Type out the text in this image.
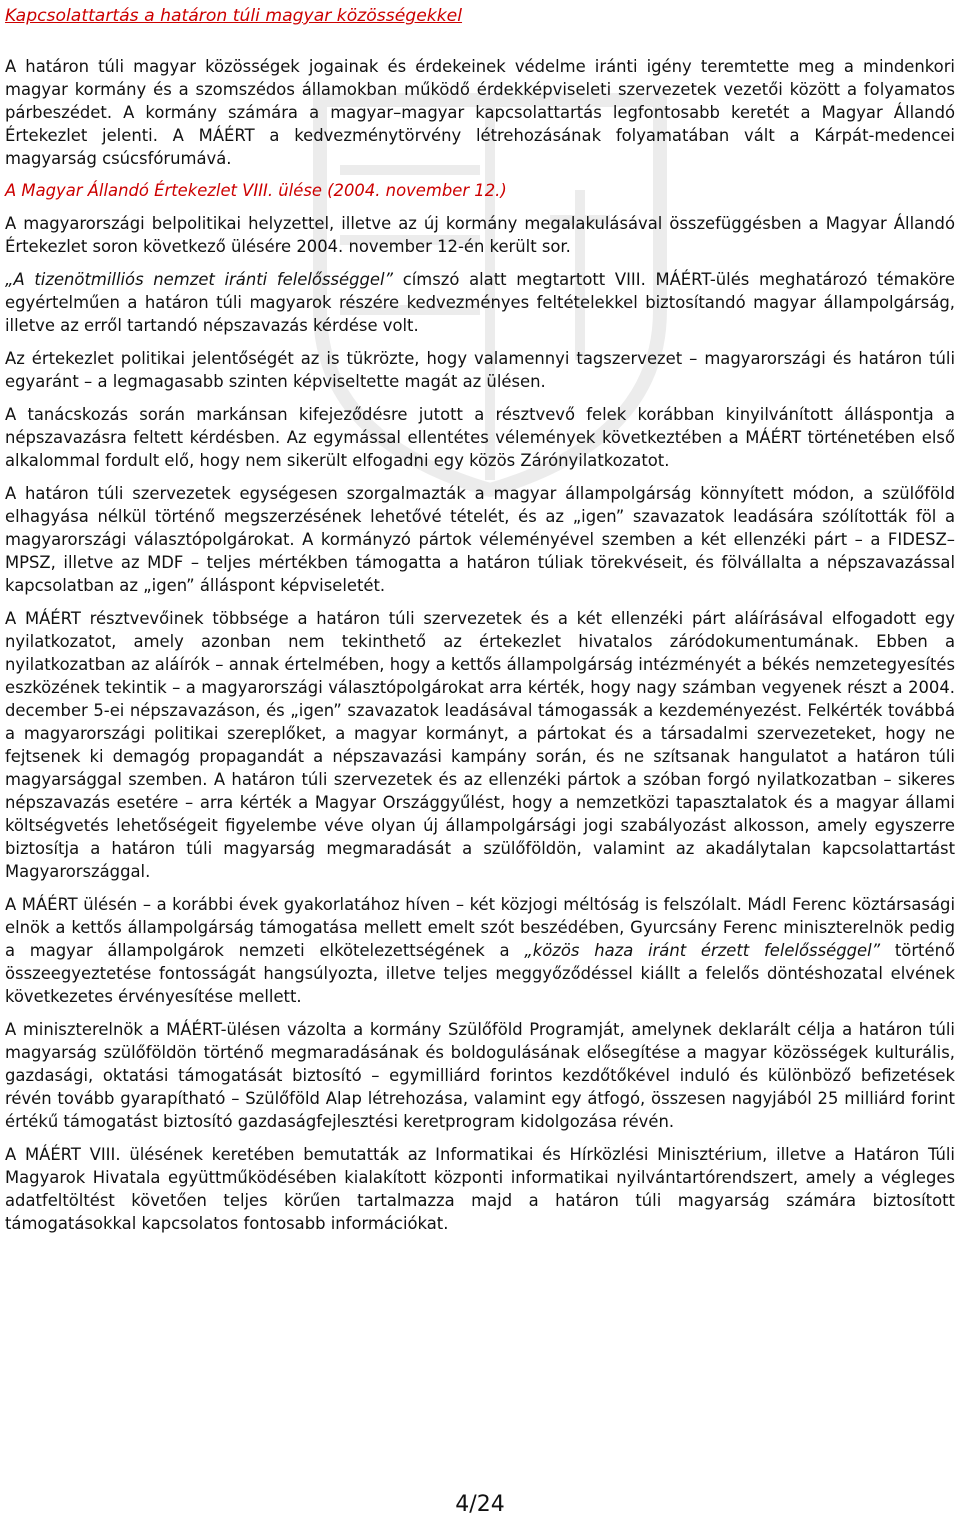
Kapcsolattartás a határon túli magyar közösségekkel

A határon túli magyar közösségek jogainak és érdekeinek védelme iránti igény teremtette meg a mindenkori magyar kormány és a szomszédos államokban működő érdekképviseleti szervezetek vezetői között a folyamatos párbeszédet. A kormány számára a magyar–magyar kapcsolattartás legfontosabb keretét a Magyar Állandó Értekezlet jelenti. A MÁÉRT a kedvezménytörvény létrehozásának folyamatában vált a Kárpát-medencei magyarság csúcsfórumává.

A Magyar Állandó Értekezlet VIII. ülése (2004. november 12.)

A magyarországi belpolitikai helyzettel, illetve az új kormány megalakulásával összefüggésben a Magyar Állandó Értekezlet soron következő ülésére 2004. november 12-én került sor.

„A tizenötmilliós nemzet iránti felelősséggel” címszó alatt megtartott VIII. MÁÉRT-ülés meghatározó témaköre egyértelműen a határon túli magyarok részére kedvezményes feltételekkel biztosítandó magyar állampolgárság, illetve az erről tartandó népszavazás kérdése volt.

Az értekezlet politikai jelentőségét az is tükrözte, hogy valamennyi tagszervezet – magyarországi és határon túli egyaránt – a legmagasabb szinten képviseltette magát az ülésen.

A tanácskozás során markánsan kifejeződésre jutott a résztvevő felek korábban kinyilvánított álláspontja a népszavazásra feltett kérdésben. Az egymással ellentétes vélemények következtében a MÁÉRT történetében első alkalommal fordult elő, hogy nem sikerült elfogadni egy közös Zárónyilatkozatot.

A határon túli szervezetek egységesen szorgalmazták a magyar állampolgárság könnyített módon, a szülőföld elhagyása nélkül történő megszerzésének lehetővé tételét, és az „igen” szavazatok leadására szólították föl a magyarországi választópolgárokat. A kormányzó pártok véleményével szemben a két ellenzéki párt – a FIDESZ–MPSZ, illetve az MDF – teljes mértékben támogatta a határon túliak törekvéseit, és fölvállalta a népszavazással kapcsolatban az „igen” álláspont képviseletét.

A MÁÉRT résztvevőinek többsége a határon túli szervezetek és a két ellenzéki párt aláírásával elfogadott egy nyilatkozatot, amely azonban nem tekinthető az értekezlet hivatalos záródokumentumának. Ebben a nyilatkozatban az aláírók – annak értelmében, hogy a kettős állampolgárság intézményét a békés nemzetegyesítés eszközének tekintik – a magyarországi választópolgárokat arra kérték, hogy nagy számban vegyenek részt a 2004. december 5-ei népszavazáson, és „igen” szavazatok leadásával támogassák a kezdeményezést. Felkérték továbbá a magyarországi politikai szereplőket, a magyar kormányt, a pártokat és a társadalmi szervezeteket, hogy ne fejtsenek ki demagóg propagandát a népszavazási kampány során, és ne szítsanak hangulatot a határon túli magyarsággal szemben. A határon túli szervezetek és az ellenzéki pártok a szóban forgó nyilatkozatban – sikeres népszavazás esetére – arra kérték a Magyar Országgyűlést, hogy a nemzetközi tapasztalatok és a magyar állami költségvetés lehetőségeit figyelembe véve olyan új állampolgársági jogi szabályozást alkosson, amely egyszerre biztosítja a határon túli magyarság megmaradását a szülőföldön, valamint az akadálytalan kapcsolattartást Magyarországgal.

A MÁÉRT ülésén – a korábbi évek gyakorlatához híven – két közjogi méltóság is felszólalt. Mádl Ferenc köztársasági elnök a kettős állampolgárság támogatása mellett emelt szót beszédében, Gyurcsány Ferenc miniszterelnök pedig a magyar állampolgárok nemzeti elkötelezettségének a „közös haza iránt érzett felelősséggel” történő összeegyeztetése fontosságát hangsúlyozta, illetve teljes meggyőződéssel kiállt a felelős döntéshozatal elvének következetes érvényesítése mellett.

A miniszterelnök a MÁÉRT-ülésen vázolta a kormány Szülőföld Programját, amelynek deklarált célja a határon túli magyarság szülőföldön történő megmaradásának és boldogulásának elősegítése a magyar közösségek kulturális, gazdasági, oktatási támogatását biztosító – egymilliárd forintos kezdőtőkével induló és különböző befizetések révén tovább gyarapítható – Szülőföld Alap létrehozása, valamint egy átfogó, összesen nagyjából 25 milliárd forint értékű támogatást biztosító gazdaságfejlesztési keretprogram kidolgozása révén.

A MÁÉRT VIII. ülésének keretében bemutatták az Informatikai és Hírközlési Minisztérium, illetve a Határon Túli Magyarok Hivatala együttműködésében kialakított központi informatikai nyilvántartórendszert, amely a végleges adatfeltöltést követően teljes körűen tartalmazza majd a határon túli magyarság számára biztosított támogatásokkal kapcsolatos fontosabb információkat.

4/24
